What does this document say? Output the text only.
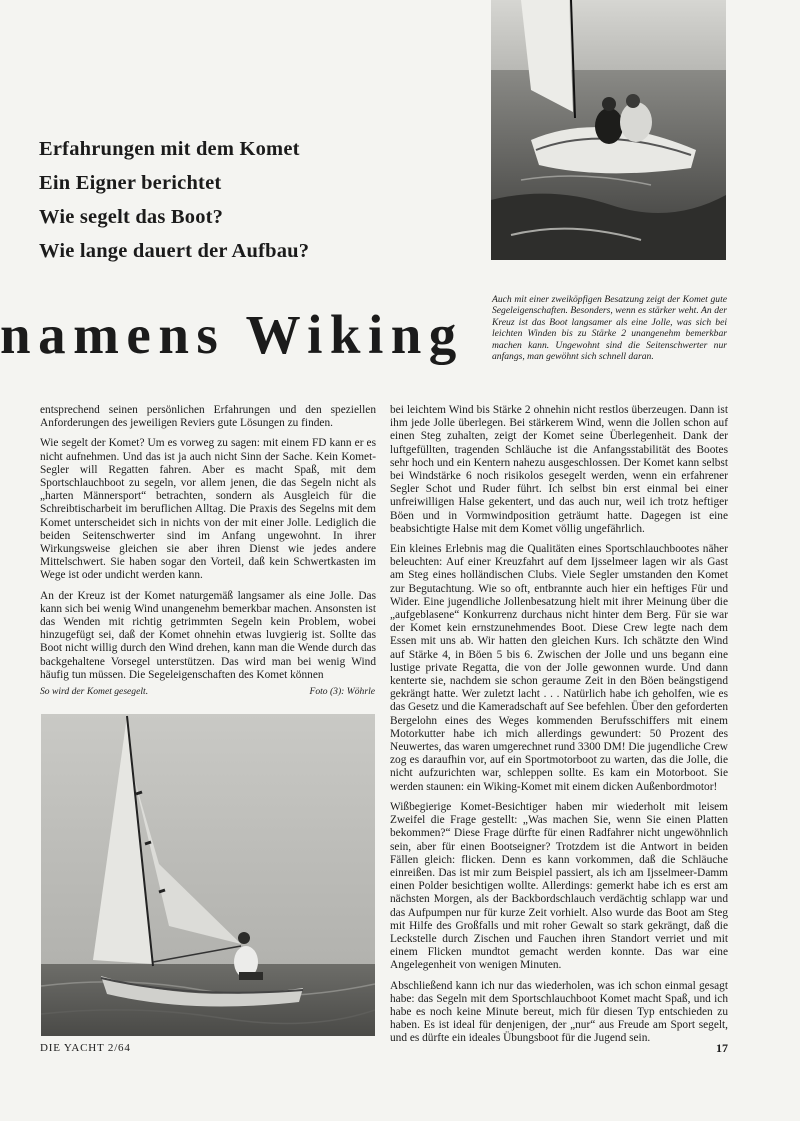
Erfahrungen mit dem Komet
Ein Eigner berichtet
Wie segelt das Boot?
Wie lange dauert der Aufbau?
namens Wiking
Auch mit einer zweiköpfigen Besatzung zeigt der Komet gute Segeleigenschaften. Besonders, wenn es stärker weht. An der Kreuz ist das Boot langsamer als eine Jolle, was sich bei leichten Winden bis zu Stärke 2 unangenehm bemerkbar machen kann. Ungewohnt sind die Seitenschwerter nur anfangs, man gewöhnt sich schnell daran.

entsprechend seinen persönlichen Erfahrungen und den speziellen Anforderungen des jeweiligen Reviers gute Lösungen zu finden.

Wie segelt der Komet? Um es vorweg zu sagen: mit einem FD kann er es nicht aufnehmen. Und das ist ja auch nicht Sinn der Sache. Kein Komet-Segler will Regatten fahren. Aber es macht Spaß, mit dem Sportschlauchboot zu segeln, vor allem jenen, die das Segeln nicht als „harten Männersport“ betrachten, sondern als Ausgleich für die Schreibtischarbeit im beruflichen Alltag. Die Praxis des Segelns mit dem Komet unterscheidet sich in nichts von der mit einer Jolle. Lediglich die beiden Seitenschwerter sind im Anfang ungewohnt. In ihrer Wirkungsweise gleichen sie aber ihren Dienst wie jedes andere Mittelschwert. Sie haben sogar den Vorteil, daß kein Schwertkasten im Wege ist oder undicht werden kann.

An der Kreuz ist der Komet naturgemäß langsamer als eine Jolle. Das kann sich bei wenig Wind unangenehm bemerkbar machen. Ansonsten ist das Wenden mit richtig getrimmten Segeln kein Problem, wobei hinzugefügt sei, daß der Komet ohnehin etwas luvgierig ist. Sollte das Boot nicht willig durch den Wind drehen, kann man die Wende durch das backgehaltene Vorsegel unterstützen. Das wird man bei wenig Wind häufig tun müssen. Die Segeleigenschaften des Komet können

So wird der Komet gesegelt.	Foto (3): Wöhrle

bei leichtem Wind bis Stärke 2 ohnehin nicht restlos überzeugen. Dann ist ihm jede Jolle überlegen. Bei stärkerem Wind, wenn die Jollen schon auf einen Steg zuhalten, zeigt der Komet seine Überlegenheit. Dank der luftgefüllten, tragenden Schläuche ist die Anfangsstabilität des Bootes sehr hoch und ein Kentern nahezu ausgeschlossen. Der Komet kann selbst bei Windstärke 6 noch risikolos gesegelt werden, wenn ein erfahrener Segler Schot und Ruder führt. Ich selbst bin erst einmal bei einer unfreiwilligen Halse gekentert, und das auch nur, weil ich trotz heftiger Böen und in Vormwindposition geträumt hatte. Dagegen ist eine beabsichtigte Halse mit dem Komet völlig ungefährlich.

Ein kleines Erlebnis mag die Qualitäten eines Sportschlauchbootes näher beleuchten: Auf einer Kreuzfahrt auf dem Ijsselmeer lagen wir als Gast am Steg eines holländischen Clubs. Viele Segler umstanden den Komet zur Begutachtung. Wie so oft, entbrannte auch hier ein heftiges Für und Wider. Eine jugendliche Jollenbesatzung hielt mit ihrer Meinung über die „aufgeblasene“ Konkurrenz durchaus nicht hinter dem Berg. Für sie war der Komet kein ernstzunehmendes Boot. Diese Crew legte nach dem Essen mit uns ab. Wir hatten den gleichen Kurs. Ich schätzte den Wind auf Stärke 4, in Böen 5 bis 6. Zwischen der Jolle und uns begann eine lustige private Regatta, die von der Jolle gewonnen wurde. Und dann kenterte sie, nachdem sie schon geraume Zeit in den Böen beängstigend gekrängt hatte. Wer zuletzt lacht . . . Natürlich habe ich geholfen, wie es das Gesetz und die Kameradschaft auf See befehlen. Über den geforderten Bergelohn eines des Weges kommenden Berufsschiffers mit einem Motorkutter habe ich mich allerdings gewundert: 50 Prozent des Neuwertes, das waren umgerechnet rund 3300 DM! Die jugendliche Crew zog es daraufhin vor, auf ein Sportmotorboot zu warten, das die Jolle, die nicht aufzurichten war, schleppen sollte. Es kam ein Motorboot. Sie werden staunen: ein Wiking-Komet mit einem dicken Außenbordmotor!

Wißbegierige Komet-Besichtiger haben mir wiederholt mit leisem Zweifel die Frage gestellt: „Was machen Sie, wenn Sie einen Platten bekommen?“ Diese Frage dürfte für einen Radfahrer nicht ungewöhnlich sein, aber für einen Bootseigner? Trotzdem ist die Antwort in beiden Fällen gleich: flicken. Denn es kann vorkommen, daß die Schläuche einreißen. Das ist mir zum Beispiel passiert, als ich am Ijsselmeer-Damm einen Polder besichtigen wollte. Allerdings: gemerkt habe ich es erst am nächsten Morgen, als der Backbordschlauch verdächtig schlapp war und das Aufpumpen nur für kurze Zeit vorhielt. Also wurde das Boot am Steg mit Hilfe des Großfalls und mit roher Gewalt so stark gekrängt, daß die Leckstelle durch Zischen und Fauchen ihren Standort verriet und mit einem Flicken mundtot gemacht werden konnte. Das war eine Angelegenheit von wenigen Minuten.

Abschließend kann ich nur das wiederholen, was ich schon einmal gesagt habe: das Segeln mit dem Sportschlauchboot Komet macht Spaß, und ich habe es noch keine Minute bereut, mich für diesen Typ entschieden zu haben. Es ist ideal für denjenigen, der „nur“ aus Freude am Sport segelt, und es dürfte ein ideales Übungsboot für die Jugend sein.

DIE YACHT 2/64	17
